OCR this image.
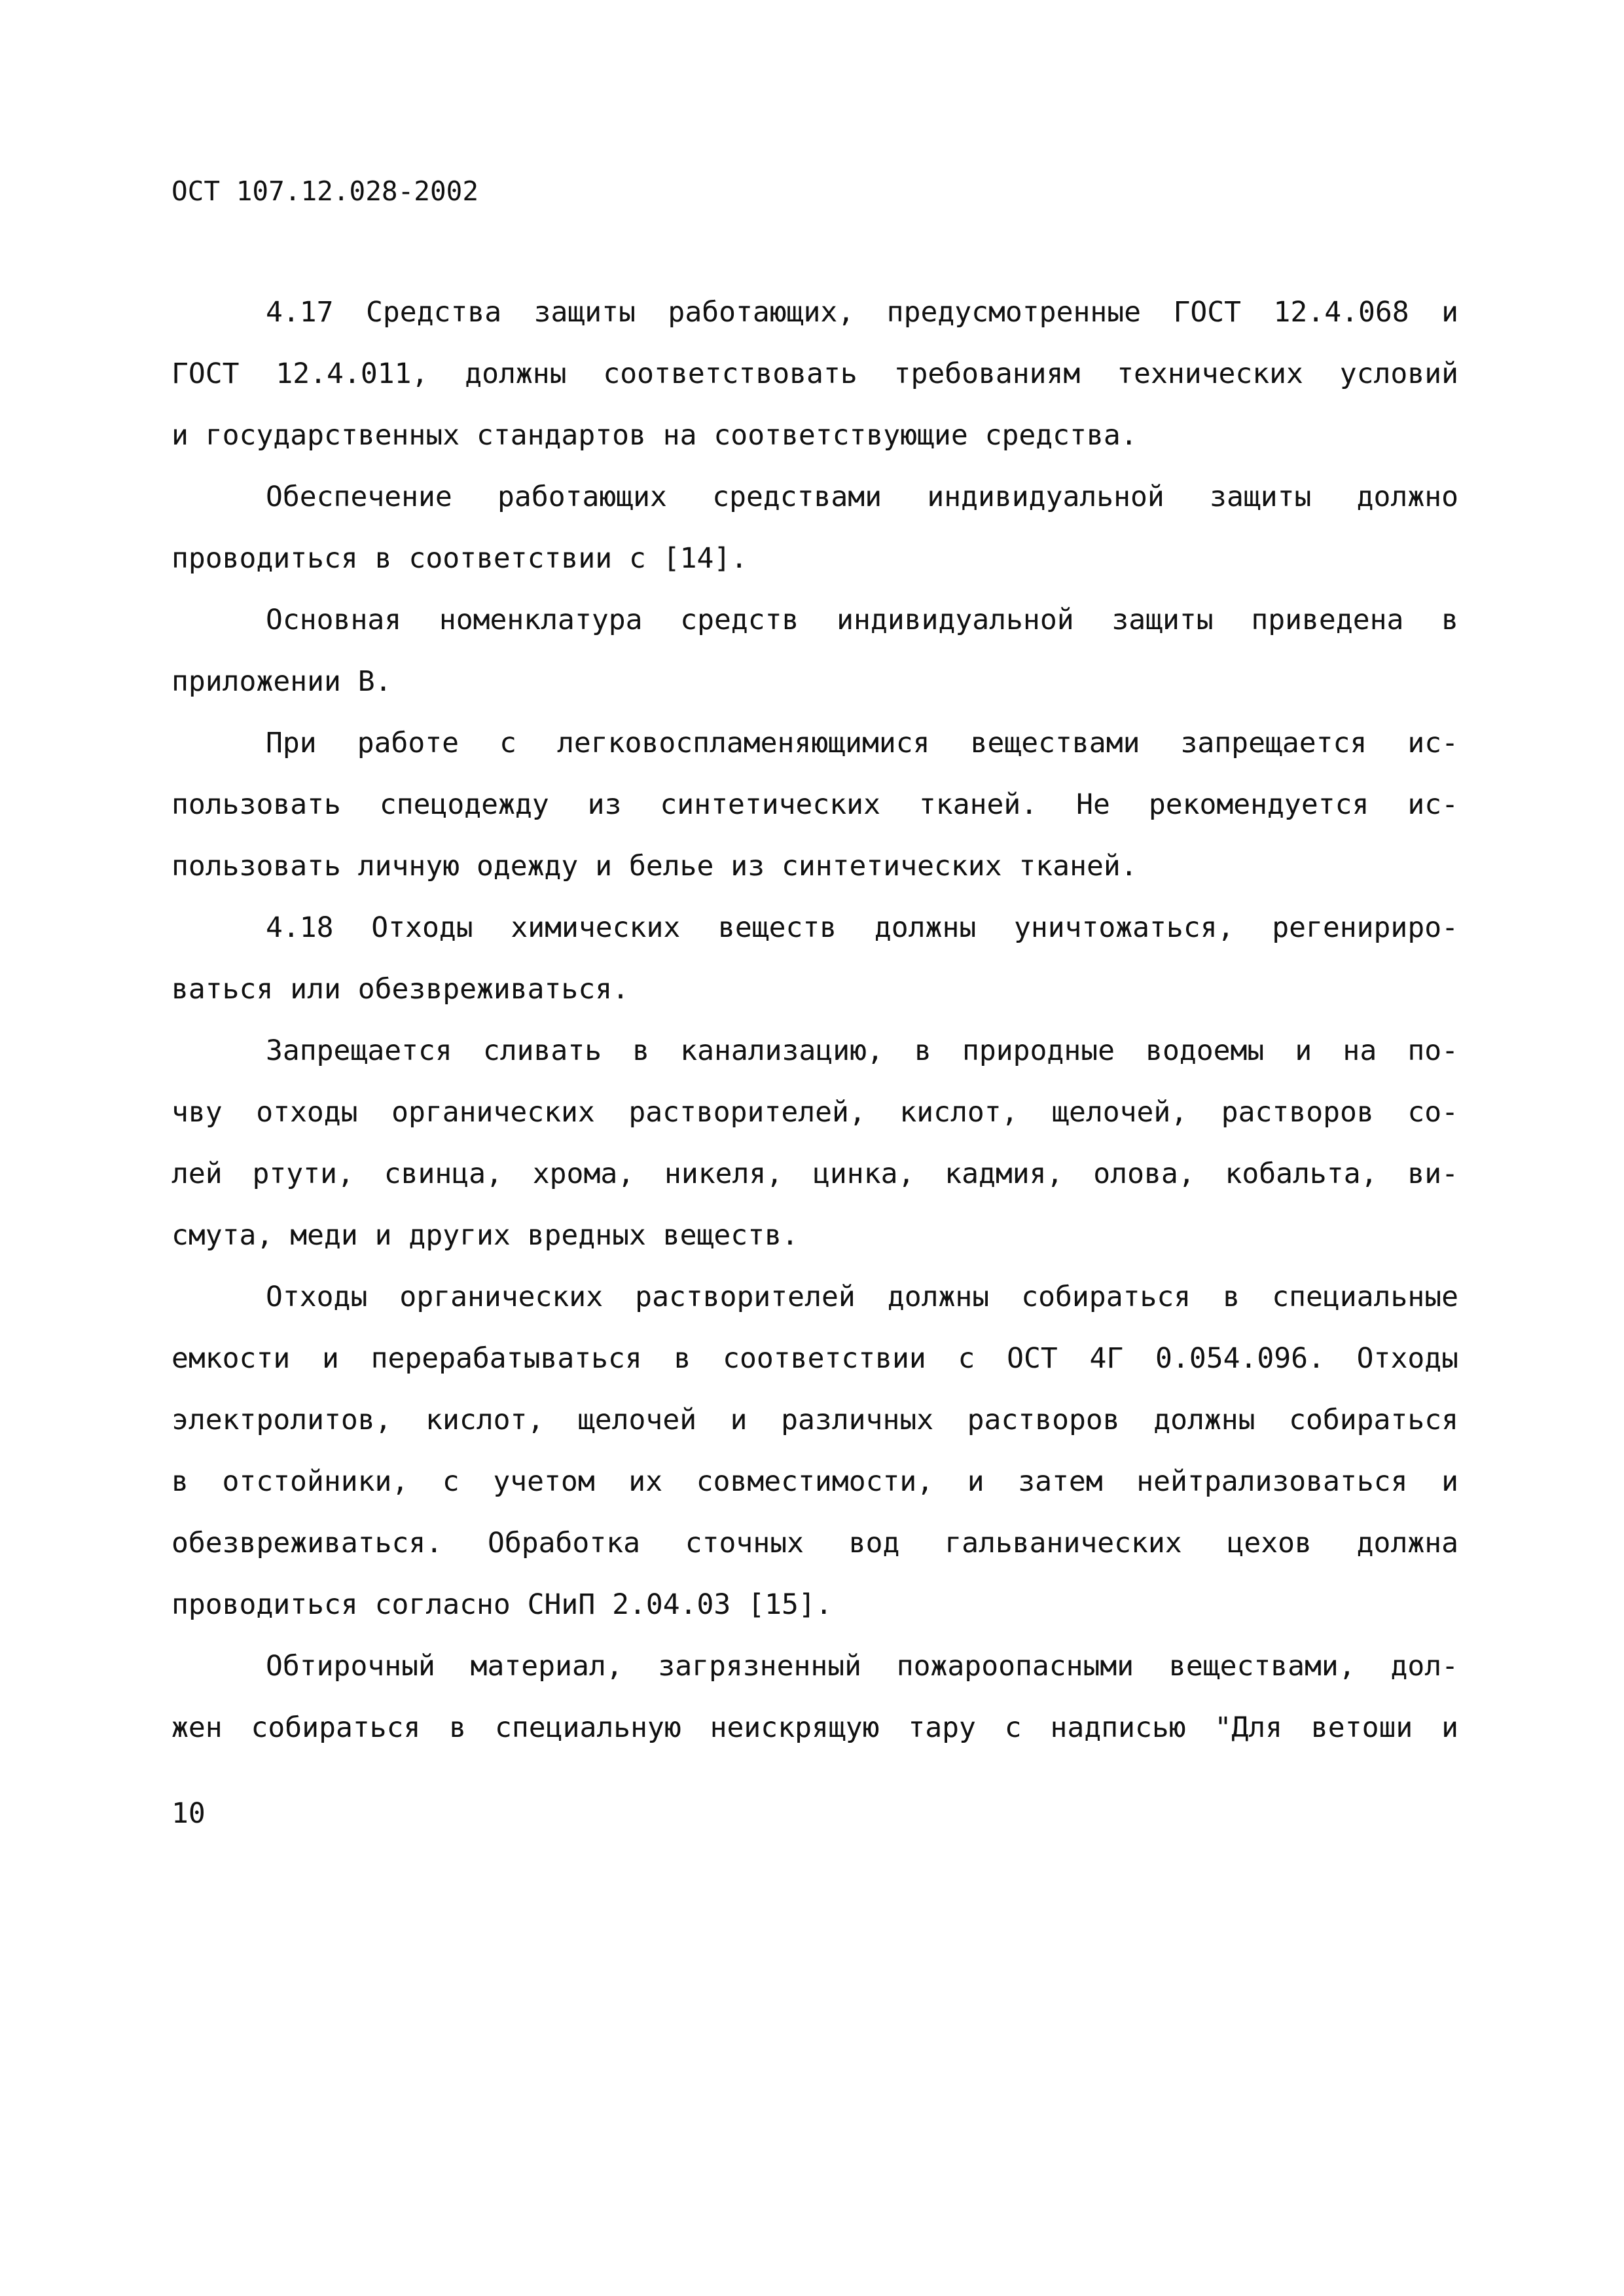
ОСТ 107.12.028-2002
4.17 Средства защиты работающих, предусмотренные ГОСТ 12.4.068 и
ГОСТ 12.4.011, должны соответствовать требованиям технических условий
и государственных стандартов на соответствующие средства.
Обеспечение работающих средствами индивидуальной защиты должно
проводиться в соответствии с [14].
Основная номенклатура средств индивидуальной защиты приведена в
приложении В.
При работе с легковоспламеняющимися веществами запрещается ис-
пользовать спецодежду из синтетических тканей. Не рекомендуется ис-
пользовать личную одежду и белье из синтетических тканей.
4.18 Отходы химических веществ должны уничтожаться, регенириро-
ваться или обезвреживаться.
Запрещается сливать в канализацию, в природные водоемы и на по-
чву отходы органических растворителей, кислот, щелочей, растворов со-
лей ртути, свинца, хрома, никеля, цинка, кадмия, олова, кобальта, ви-
смута, меди и других вредных веществ.
Отходы органических растворителей должны собираться в специальные
емкости и перерабатываться в соответствии с ОСТ 4Г 0.054.096. Отходы
электролитов, кислот, щелочей и различных растворов должны собираться
в отстойники, с учетом их совместимости, и затем нейтрализоваться и
обезвреживаться. Обработка сточных вод гальванических цехов должна
проводиться согласно СНиП 2.04.03 [15].
Обтирочный материал, загрязненный пожароопасными веществами, дол-
жен собираться в специальную неискрящую тару с надписью "Для ветоши и
10
